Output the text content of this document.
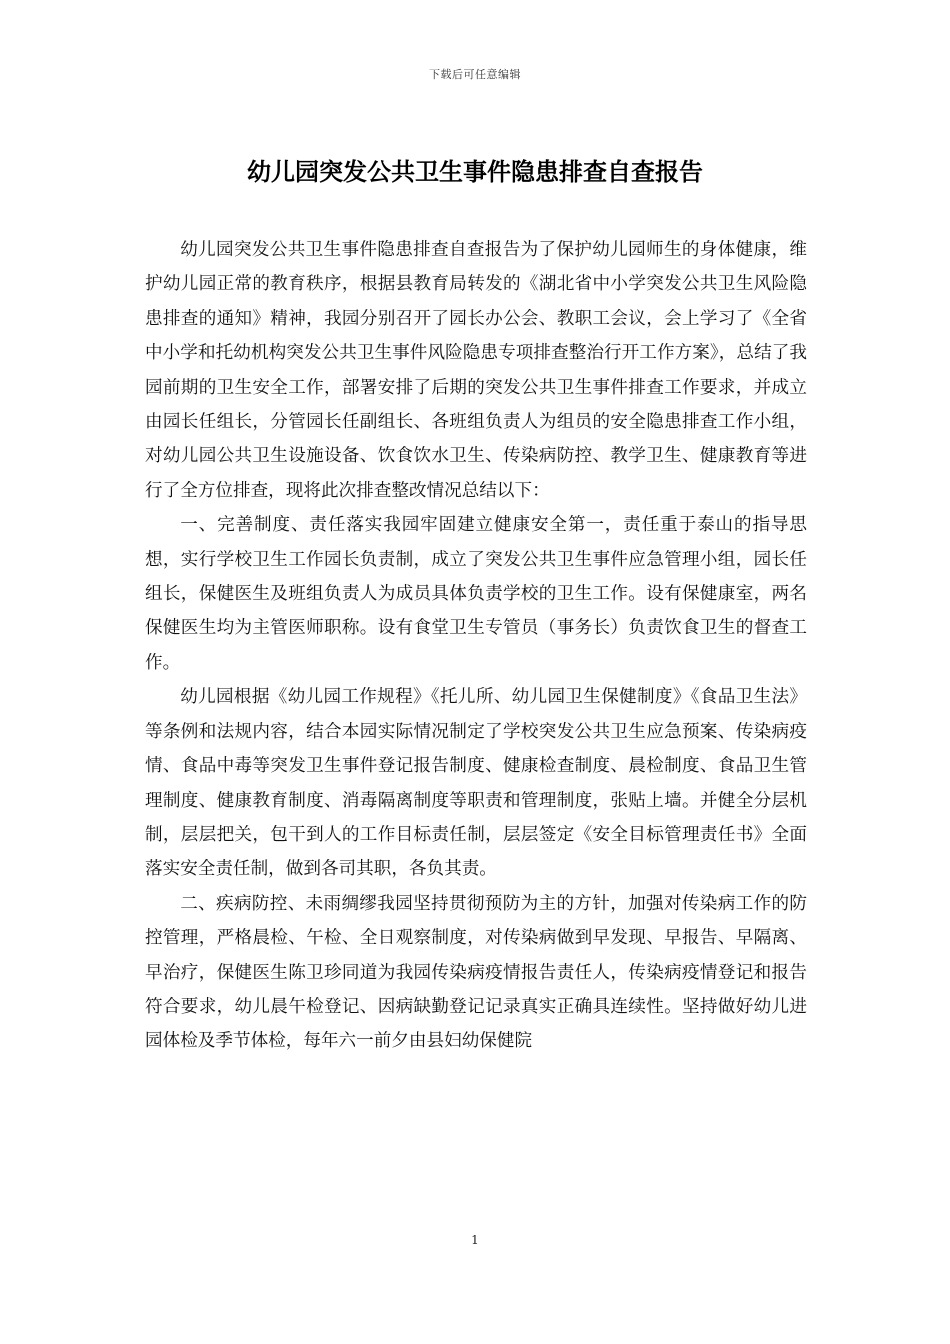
下载后可任意编辑
幼儿园突发公共卫生事件隐患排查自查报告

幼儿园突发公共卫生事件隐患排查自查报告为了保护幼儿园师生的身体健康，维护幼儿园正常的教育秩序，根据县教育局转发的《湖北省中小学突发公共卫生风险隐患排查的通知》精神，我园分别召开了园长办公会、教职工会议，会上学习了《全省中小学和托幼机构突发公共卫生事件风险隐患专项排查整治行开工作方案》，总结了我园前期的卫生安全工作，部署安排了后期的突发公共卫生事件排查工作要求，并成立由园长任组长，分管园长任副组长、各班组负责人为组员的安全隐患排查工作小组，对幼儿园公共卫生设施设备、饮食饮水卫生、传染病防控、教学卫生、健康教育等进行了全方位排查，现将此次排查整改情况总结以下：

一、完善制度、责任落实我园牢固建立健康安全第一，责任重于泰山的指导思想，实行学校卫生工作园长负责制，成立了突发公共卫生事件应急管理小组，园长任组长，保健医生及班组负责人为成员具体负责学校的卫生工作。设有保健康室，两名保健医生均为主管医师职称。设有食堂卫生专管员（事务长）负责饮食卫生的督查工作。

幼儿园根据《幼儿园工作规程》《托儿所、幼儿园卫生保健制度》《食品卫生法》等条例和法规内容，结合本园实际情况制定了学校突发公共卫生应急预案、传染病疫情、食品中毒等突发卫生事件登记报告制度、健康检查制度、晨检制度、食品卫生管理制度、健康教育制度、消毒隔离制度等职责和管理制度，张贴上墙。并健全分层机制，层层把关，包干到人的工作目标责任制，层层签定《安全目标管理责任书》全面落实安全责任制，做到各司其职，各负其责。

二、疾病防控、未雨绸缪我园坚持贯彻预防为主的方针，加强对传染病工作的防控管理，严格晨检、午检、全日观察制度，对传染病做到早发现、早报告、早隔离、早治疗，保健医生陈卫珍同道为我园传染病疫情报告责任人，传染病疫情登记和报告符合要求，幼儿晨午检登记、因病缺勤登记记录真实正确具连续性。坚持做好幼儿进园体检及季节体检，每年六一前夕由县妇幼保健院

1
